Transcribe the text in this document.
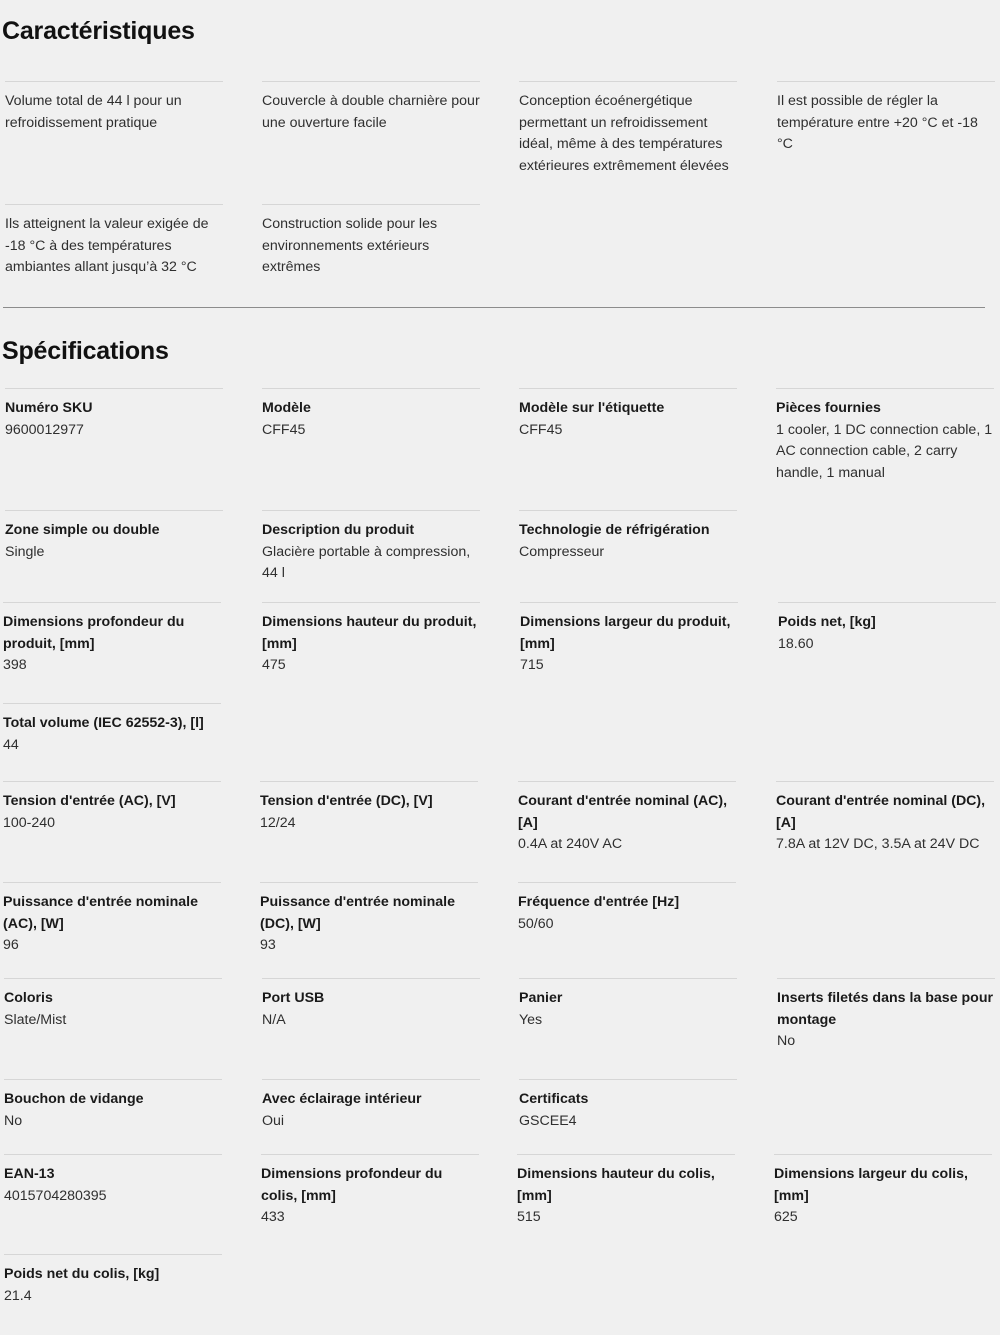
Caractéristiques
Volume total de 44 l pour un refroidissement pratique
Couvercle à double charnière pour une ouverture facile
Conception écoénergétique permettant un refroidissement idéal, même à des températures extérieures extrêmement élevées
Il est possible de régler la température entre +20 °C et -18 °C
Ils atteignent la valeur exigée de -18 °C à des températures ambiantes allant jusqu’à 32 °C
Construction solide pour les environnements extérieurs extrêmes
Spécifications
Numéro SKU
9600012977
Modèle
CFF45
Modèle sur l'étiquette
CFF45
Pièces fournies
1 cooler, 1 DC connection cable, 1 AC connection cable, 2 carry handle, 1 manual
Zone simple ou double
Single
Description du produit
Glacière portable à compression, 44 l
Technologie de réfrigération
Compresseur
Dimensions profondeur du produit, [mm]
398
Dimensions hauteur du produit, [mm]
475
Dimensions largeur du produit, [mm]
715
Poids net, [kg]
18.60
Total volume (IEC 62552-3), [l]
44
Tension d'entrée (AC), [V]
100-240
Tension d'entrée (DC), [V]
12/24
Courant d'entrée nominal (AC), [A]
0.4A at 240V AC
Courant d'entrée nominal (DC), [A]
7.8A at 12V DC, 3.5A at 24V DC
Puissance d'entrée nominale (AC), [W]
96
Puissance d'entrée nominale (DC), [W]
93
Fréquence d'entrée [Hz]
50/60
Coloris
Slate/Mist
Port USB
N/A
Panier
Yes
Inserts filetés dans la base pour montage
No
Bouchon de vidange
No
Avec éclairage intérieur
Oui
Certificats
GSCEE4
EAN-13
4015704280395
Dimensions profondeur du colis, [mm]
433
Dimensions hauteur du colis, [mm]
515
Dimensions largeur du colis, [mm]
625
Poids net du colis, [kg]
21.4
